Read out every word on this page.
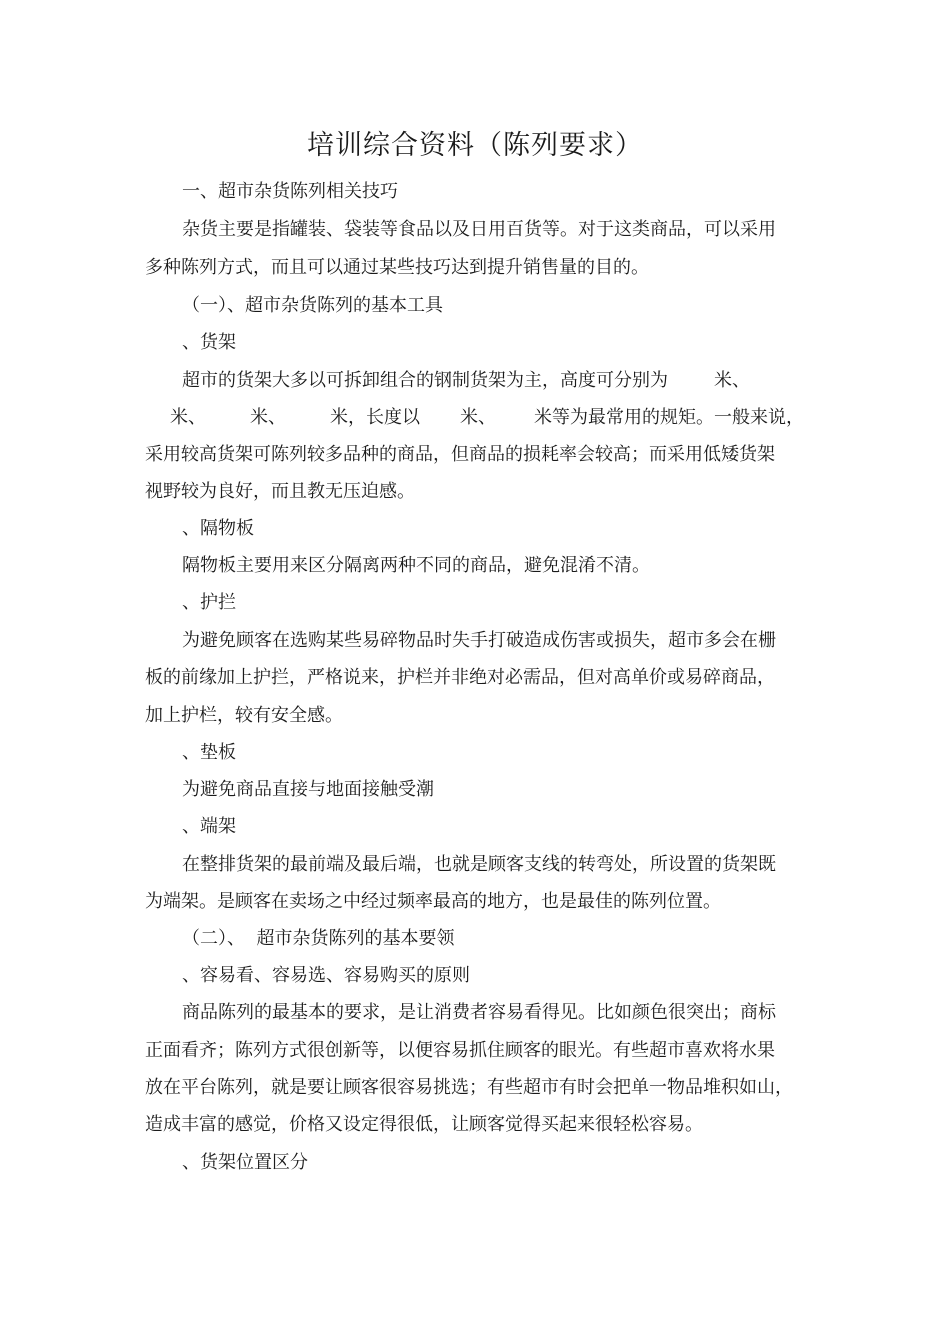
培训综合资料（陈列要求）
一、超市杂货陈列相关技巧
杂货主要是指罐装、袋装等食品以及日用百货等。对于这类商品，可以采用
多种陈列方式，而且可以通过某些技巧达到提升销售量的目的。
（一）、超市杂货陈列的基本工具
、货架
超市的货架大多以可拆卸组合的钢制货架为主，高度可分别为	米、
米、 米、 米，长度以 米、 米等为最常用的规矩。一般来说，
采用较高货架可陈列较多品种的商品，但商品的损耗率会较高；而采用低矮货架
视野较为良好，而且教无压迫感。
、隔物板
隔物板主要用来区分隔离两种不同的商品，避免混淆不清。
、护拦
为避免顾客在选购某些易碎物品时失手打破造成伤害或损失，超市多会在栅
板的前缘加上护拦，严格说来，护栏并非绝对必需品，但对高单价或易碎商品，
加上护栏，较有安全感。
、垫板
为避免商品直接与地面接触受潮
、端架
在整排货架的最前端及最后端，也就是顾客支线的转弯处，所设置的货架既
为端架。是顾客在卖场之中经过频率最高的地方，也是最佳的陈列位置。
（二）、  超市杂货陈列的基本要领
、容易看、容易选、容易购买的原则
商品陈列的最基本的要求，是让消费者容易看得见。比如颜色很突出；商标
正面看齐；陈列方式很创新等，以便容易抓住顾客的眼光。有些超市喜欢将水果
放在平台陈列，就是要让顾客很容易挑选；有些超市有时会把单一物品堆积如山，
造成丰富的感觉，价格又设定得很低，让顾客觉得买起来很轻松容易。
、货架位置区分
